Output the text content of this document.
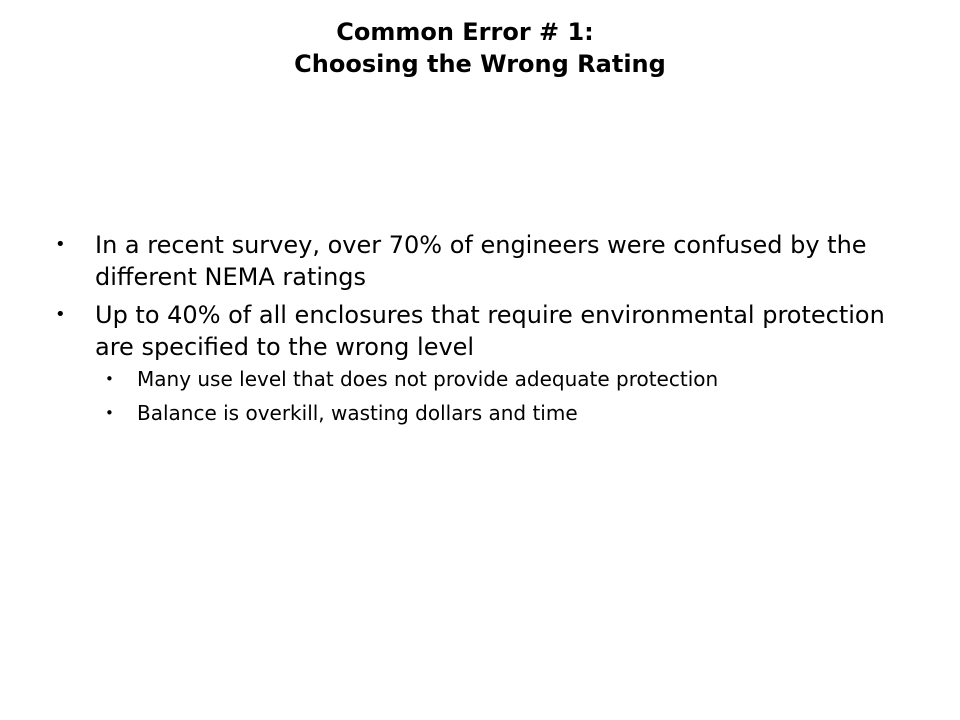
Common Error # 1:
Choosing the Wrong Rating
• In a recent survey, over 70% of engineers were confused by the different NEMA ratings
• Up to 40% of all enclosures that require environmental protection are specified to the wrong level
• Many use level that does not provide adequate protection
• Balance is overkill, wasting dollars and time
